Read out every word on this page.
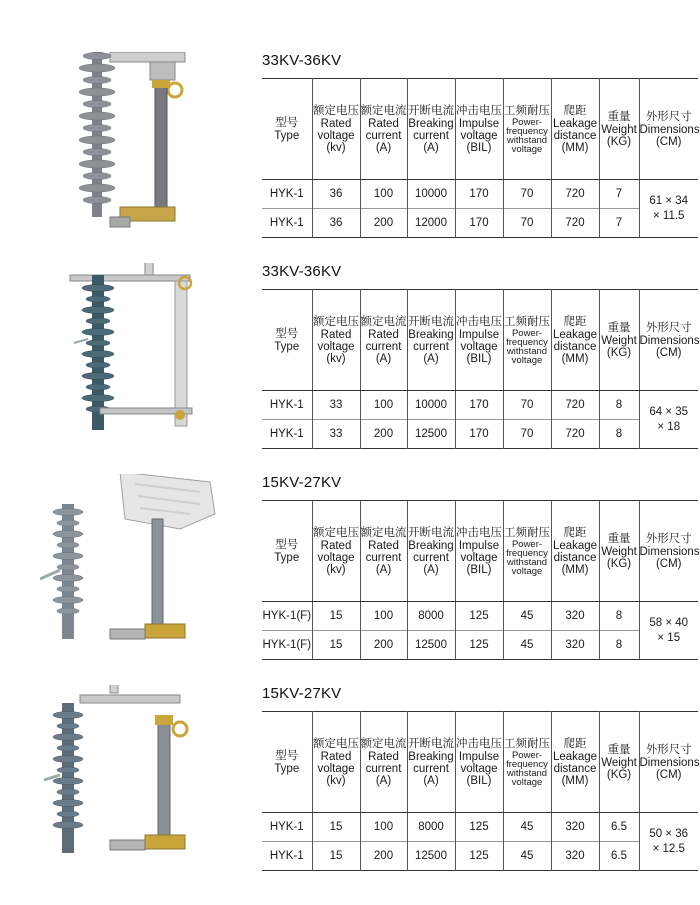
33KV-36KV
型号
Type	额定电压
Rated
voltage
(kv)	额定电流
Rated
current
(A)	开断电流
Breaking
current
(A)	冲击电压
Impulse
voltage
(BIL)	工频耐压
Power-
frequency
withstand
voltage	爬距
Leakage
distance
(MM)	重量
Weight
(KG)	外形尺寸
Dimensions
(CM)

HYK-1	36	100	10000	170	70	720	7	61 × 34
× 11.5
HYK-1	36	200	12000	170	70	720	7	
33KV-36KV
型号
Type	额定电压
Rated
voltage
(kv)	额定电流
Rated
current
(A)	开断电流
Breaking
current
(A)	冲击电压
Impulse
voltage
(BIL)	工频耐压
Power-
frequency
withstand
voltage	爬距
Leakage
distance
(MM)	重量
Weight
(KG)	外形尺寸
Dimensions
(CM)

HYK-1	33	100	10000	170	70	720	8	64 × 35
× 18
HYK-1	33	200	12500	170	70	720	8	
15KV-27KV
型号
Type	额定电压
Rated
voltage
(kv)	额定电流
Rated
current
(A)	开断电流
Breaking
current
(A)	冲击电压
Impulse
voltage
(BIL)	工频耐压
Power-
frequency
withstand
voltage	爬距
Leakage
distance
(MM)	重量
Weight
(KG)	外形尺寸
Dimensions
(CM)

HYK-1(F)	15	100	8000	125	45	320	8	58 × 40
× 15
HYK-1(F)	15	200	12500	125	45	320	8	
15KV-27KV
型号
Type	额定电压
Rated
voltage
(kv)	额定电流
Rated
current
(A)	开断电流
Breaking
current
(A)	冲击电压
Impulse
voltage
(BIL)	工频耐压
Power-
frequency
withstand
voltage	爬距
Leakage
distance
(MM)	重量
Weight
(KG)	外形尺寸
Dimensions
(CM)

HYK-1	15	100	8000	125	45	320	6.5	50 × 36
× 12.5
HYK-1	15	200	12500	125	45	320	6.5	
